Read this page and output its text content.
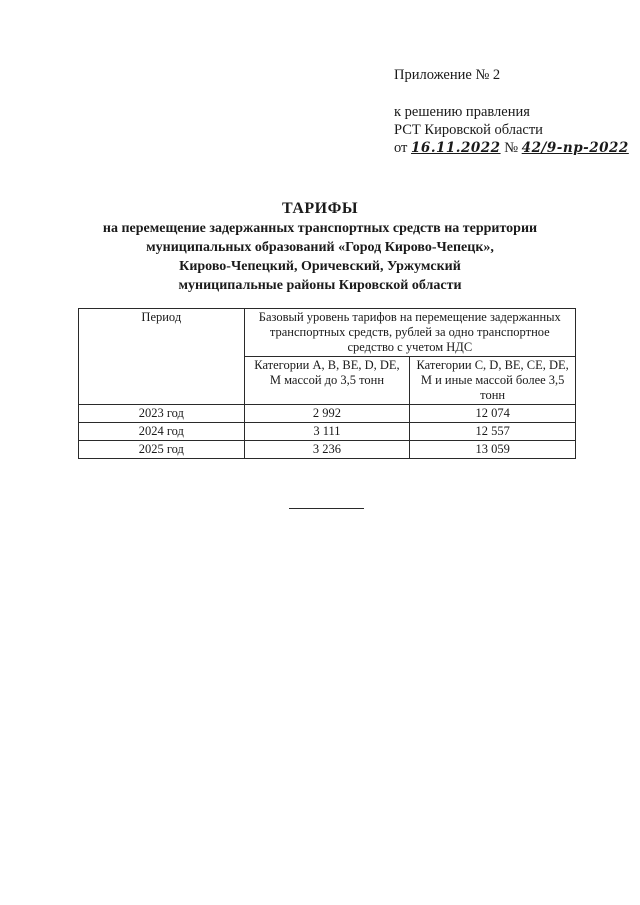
Приложение № 2
к решению правления
РСТ Кировской области
от 16.11.2022 № 42/9-пр-2022
ТАРИФЫ
на перемещение задержанных транспортных средств на территории
муниципальных образований «Город Кирово-Чепецк»,
Кирово-Чепецкий, Оричевский, Уржумский
муниципальные районы Кировской области
Период	Базовый уровень тарифов на перемещение задержанных транспортных средств, рублей за одно транспортное средство с учетом НДС	
	Категории А, В, ВЕ, D, DE, М массой до 3,5 тонн	Категории С, D, ВЕ, СЕ, DE, М и иные массой более 3,5 тонн
2023 год	2 992	12 074
2024 год	3 111	12 557
2025 год	3 236	13 059
